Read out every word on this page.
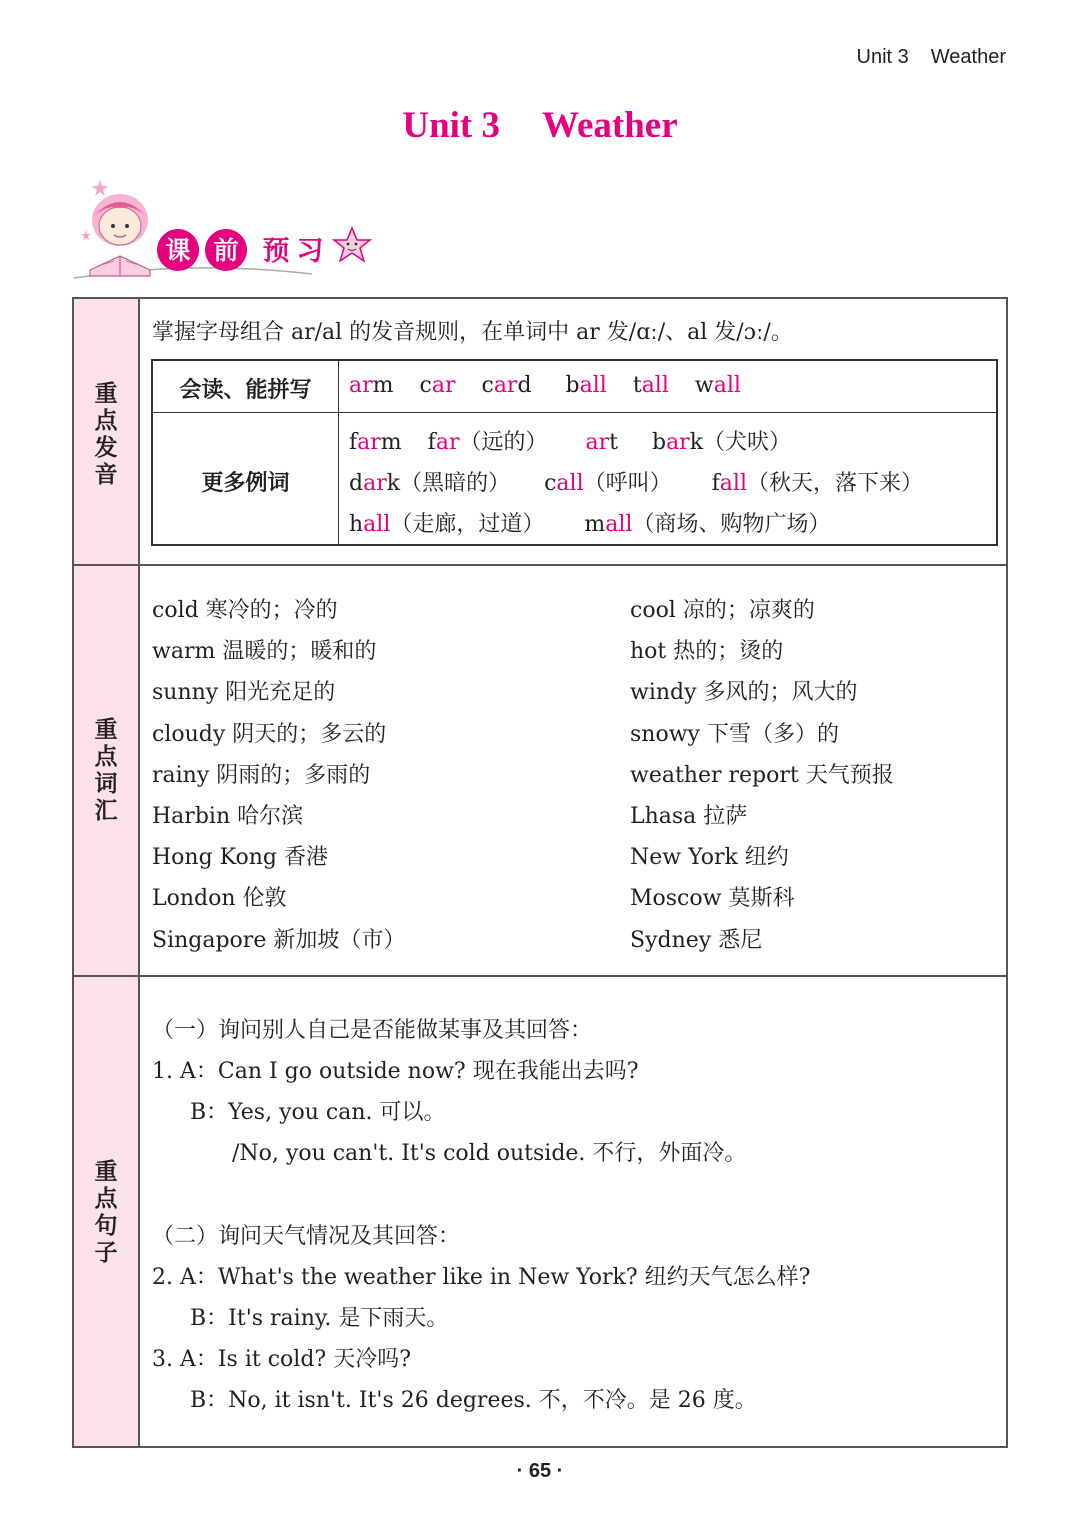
Unit 3 Weather
Unit 3 Weather
课 前 预 习
重
点
发
音
重
点
词
汇
重
点
句
子
掌握字母组合 ar/al 的发音规则，在单词中 ar 发/ɑː/、al 发/ɔː/。
会读、能拼写
更多例词
arm car card ball tall wall
farm far（远的） art bark（犬吠）
dark（黑暗的） call（呼叫） fall（秋天，落下来）
hall（走廊，过道） mall（商场、购物广场）
cold 寒冷的；冷的
warm 温暖的；暖和的
sunny 阳光充足的
cloudy 阴天的；多云的
rainy 阴雨的；多雨的
Harbin 哈尔滨
Hong Kong 香港
London 伦敦
Singapore 新加坡（市）
cool 凉的；凉爽的
hot 热的；烫的
windy 多风的；风大的
snowy 下雪（多）的
weather report 天气预报
Lhasa 拉萨
New York 纽约
Moscow 莫斯科
Sydney 悉尼
（一）询问别人自己是否能做某事及其回答：
1. A：Can I go outside now? 现在我能出去吗?
B：Yes, you can. 可以。
/No, you can't. It's cold outside. 不行，外面冷。
（二）询问天气情况及其回答：
2. A：What's the weather like in New York? 纽约天气怎么样?
B：It's rainy. 是下雨天。
3. A：Is it cold? 天冷吗?
B：No, it isn't. It's 26 degrees. 不，不冷。是 26 度。
· 65 ·
